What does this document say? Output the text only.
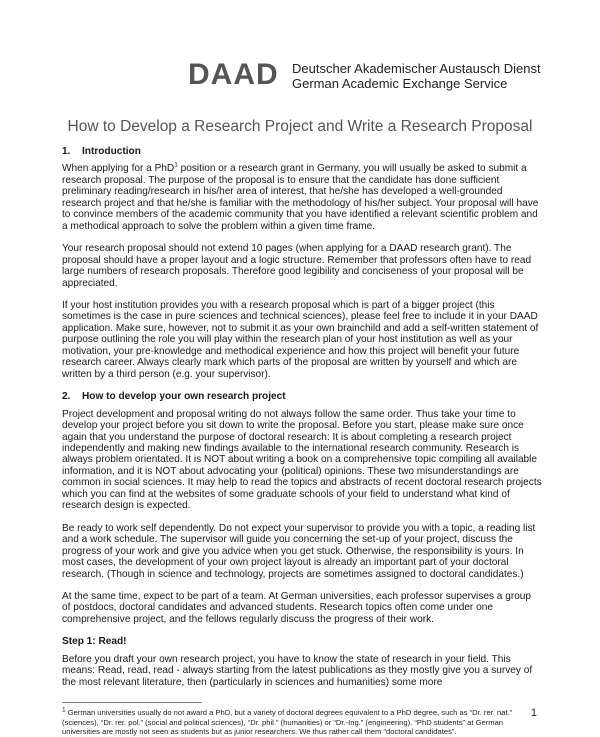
DAAD Deutscher Akademischer Austausch Dienst
German Academic Exchange Service
How to Develop a Research Project and Write a Research Proposal
1. Introduction

When applying for a PhD$^1$ position or a research grant in Germany, you will usually be asked to submit a research proposal. The purpose of the proposal is to ensure that the candidate has done sufficient preliminary reading/research in his/her area of interest, that he/she has developed a well-grounded research project and that he/she is familiar with the methodology of his/her subject. Your proposal will have to convince members of the academic community that you have identified a relevant scientific problem and a methodical approach to solve the problem within a given time frame.

Your research proposal should not extend 10 pages (when applying for a DAAD research grant). The proposal should have a proper layout and a logic structure. Remember that professors often have to read large numbers of research proposals. Therefore good legibility and conciseness of your proposal will be appreciated.

If your host institution provides you with a research proposal which is part of a bigger project (this sometimes is the case in pure sciences and technical sciences), please feel free to include it in your DAAD application. Make sure, however, not to submit it as your own brainchild and add a self-written statement of purpose outlining the role you will play within the research plan of your host institution as well as your motivation, your pre-knowledge and methodical experience and how this project will benefit your future research career. Always clearly mark which parts of the proposal are written by yourself and which are written by a third person (e.g. your supervisor).

2. How to develop your own research project

Project development and proposal writing do not always follow the same order. Thus take your time to develop your project before you sit down to write the proposal. Before you start, please make sure once again that you understand the purpose of doctoral research: It is about completing a research project independently and making new findings available to the international research community. Research is always problem orientated. It is NOT about writing a book on a comprehensive topic compiling all available information, and it is NOT about advocating your (political) opinions. These two misunderstandings are common in social sciences. It may help to read the topics and abstracts of recent doctoral research projects which you can find at the websites of some graduate schools of your field to understand what kind of research design is expected.

Be ready to work self dependently. Do not expect your supervisor to provide you with a topic, a reading list and a work schedule. The supervisor will guide you concerning the set-up of your project, discuss the progress of your work and give you advice when you get stuck. Otherwise, the responsibility is yours. In most cases, the development of your own project layout is already an important part of your doctoral research. (Though in science and technology, projects are sometimes assigned to doctoral candidates.)

At the same time, expect to be part of a team. At German universities, each professor supervises a group of postdocs, doctoral candidates and advanced students. Research topics often come under one comprehensive project, and the fellows regularly discuss the progress of their work.

Step 1: Read!

Before you draft your own research project, you have to know the state of research in your field. This means: Read, read, read - always starting from the latest publications as they mostly give you a survey of the most relevant literature, then (particularly in sciences and humanities) some more

$^1$ German universities usually do not award a PhD, but a variety of doctoral degrees equivalent to a PhD degree, such as “Dr. rer. nat.” (sciences), “Dr. rer. pol.” (social and political sciences), “Dr. phil.” (humanities) or “Dr.-Ing.” (engineering). “PhD students” at German universities are mostly not seen as students but as junior researchers. We thus rather call them “doctoral candidates”.
1
